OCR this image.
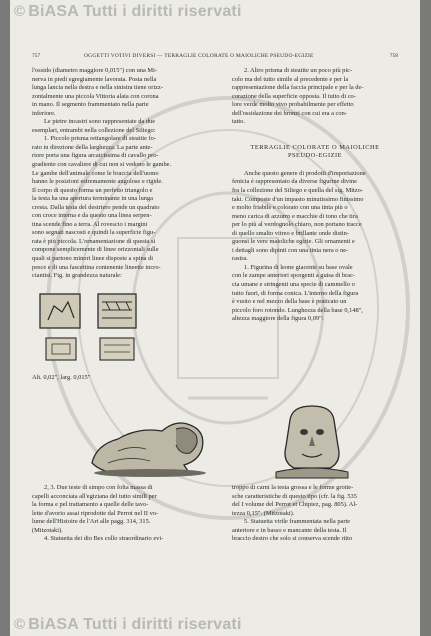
© BiASA Tutti i diritti riservati
757	OGGETTI VOTIVI DIVERSI — TERRAGLIE COLORATE O MAIOLICHE PSEUDO-EGIZIE	758

l'ossido (diametro maggiore 0,015") con una Mi-

nerva in piedi egregiamente lavorata. Posta nella

lunga lancia nella destra e nella sinistra tiene orizz-

zontalmente una piccola Vittoria alata con corona

in mano. Il segmento frammentato nella parte

inferiore.

Le pietre incastri sono rappresentate da due

esemplari, entrambi nella collezione del Siliego:

1. Piccolo prisma rettangolare di steatite fo-

rato in direzione della larghezza. La parte ante-

riore porta una figura arcaicissima di cavallo pro-

gradiente con cavaliere di cui non si vedono le gambe.

Le gambe dell'animale come le braccia dell'uomo

hanno le posizioni estremamente angolose e rigide.

Il corpo di questo forma un perfetto triangolo e

la testa ha una apertura terminante in una lunga

cresta. Dalla testa del destriero pende un quadrato

con croce interna e da questo una linea serpen-

tina scende fino a terra. Al rovescio i margini

sono segnati nascosti e quindi la superficie figu-

rata è più piccola. L'ornamentazione di questa si

compone semplicemente di linee orizzontali sulle

quali si partono minori linee disposte a spina di

pesce e di una fascettina contenente lineette incro-

ciantisi. Fig. in grandezza naturale:

Alt. 0,02", larg. 0,015"

2. Altro prisma di steatite un poco più pic-

colo ma del tutto simile al precedente e per la

rappresentazione della faccia principale e per la de-

corazione della superficie opposta. Il tutto di co-

lore verde molto vivo probabilmente per effetto

dell'ossidazione dei bronzi con cui era a con-

tatto.

TERRAGLIE COLORATE O MAIOLICHE

PSEUDO-EGIZIE

Anche questo genere di prodotti d'importazione

fenicia è rappresentato da diverse figurine divine

fra la collezione del Siliego e quella del sig. Mitzo-

taki. Composte d'un impasto minutissimo finissimo

e molto friabile e colorato con una tinta più o

meno carica di azzurro e macchie di tono che tira

per lo più al verdognolo chiaro, non portano tracce

di quello smalto vitreo e brillante onde distin-

guonsi le vere maioliche egizie. Gli ornamenti e

i dettagli sono dipinti con una tinta nera o ne-

rastra.

1. Figurina di leone giacente su base ovale

con le zampe anteriori sporgenti a guisa di brac-

cia umane e stringenti una specie di cammello o

tutto fuori, di forma conica. L'interno della figura

è vuoto e nel mezzo della base è praticato un

piccolo foro rotondo. Lunghezza della base 0,148",

altezza maggiore della figura 0,09":

2, 3. Due teste di simpo con folta massa di

capelli acconciata all'egiziana del tutto simili per

la forma e pel trattamento a quelle delle tavo-

lette d'avorio assai riprodotte dal Perrot nel II vo-

lume dell'Histoire de l'Art alle pagg. 314, 315.

(Mitzotaki).

4. Statuetta dei dio Bes collo straordinario evi-

troppo di carni la testa grossa e le forme grotte-

sche caratteristiche di questo tipo (cfr. la fig. 535

del I volume del Perrot et Chipiez, pag. 805). Al-

tezza 0,15". (Mitzotaki).

5. Statuetta virile frammentata nella parte

anteriore e in basso e mancante della testa. Il

braccio destro che solo si conserva scende ritto

© BiASA Tutti i diritti riservati
